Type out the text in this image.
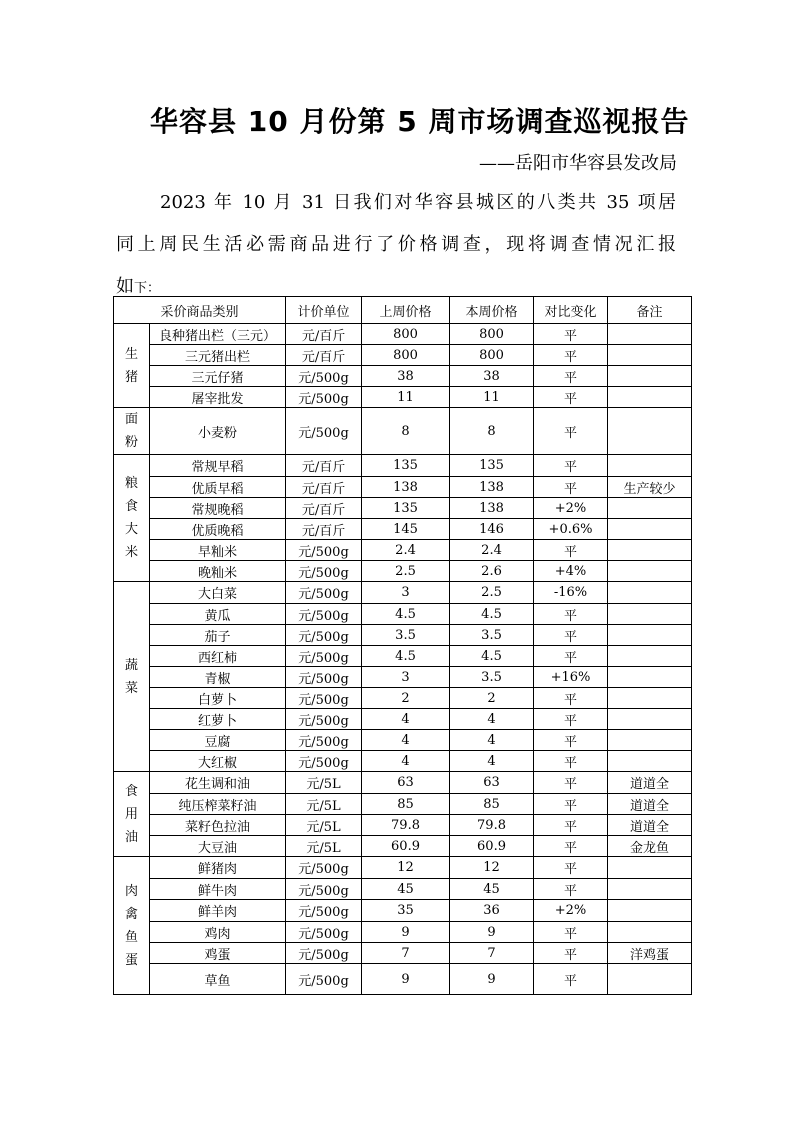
华容县 10 月份第 5 周市场调查巡视报告
——岳阳市华容县发改局
2023 年 10 月 31 日我们对华容县城区的八类共 35 项居
同上周民生活必需商品进行了价格调查，现将调查情况汇报
如下：
采价商品类别		计价单位	上周价格	本周价格	对比变化	备注

生
猪	良种猪出栏（三元）	元/百斤	800	800	平	
	三元猪出栏	元/百斤	800	800	平	
	三元仔猪	元/500g	38	38	平	
	屠宰批发	元/500g	11	11	平	

面
粉	小麦粉	元/500g	8	8	平	

粮
食
大
米	常规早稻	元/百斤	135	135	平	
	优质早稻	元/百斤	138	138	平	生产较少
	常规晚稻	元/百斤	135	138	+2%	
	优质晚稻	元/百斤	145	146	+0.6%	
	早籼米	元/500g	2.4	2.4	平	
	晚籼米	元/500g	2.5	2.6	+4%	

蔬
菜	大白菜	元/500g	3	2.5	-16%	
	黄瓜	元/500g	4.5	4.5	平	
	茄子	元/500g	3.5	3.5	平	
	西红柿	元/500g	4.5	4.5	平	
	青椒	元/500g	3	3.5	+16%	
	白萝卜	元/500g	2	2	平	
	红萝卜	元/500g	4	4	平	
	豆腐	元/500g	4	4	平	
	大红椒	元/500g	4	4	平	

食
用
油	花生调和油	元/5L	63	63	平	道道全
	纯压榨菜籽油	元/5L	85	85	平	道道全
	菜籽色拉油	元/5L	79.8	79.8	平	道道全
	大豆油	元/5L	60.9	60.9	平	金龙鱼

肉
禽
鱼
蛋	鲜猪肉	元/500g	12	12	平	
	鲜牛肉	元/500g	45	45	平	
	鲜羊肉	元/500g	35	36	+2%	
	鸡肉	元/500g	9	9	平	
	鸡蛋	元/500g	7	7	平	洋鸡蛋
	草鱼	元/500g	9	9	平	
